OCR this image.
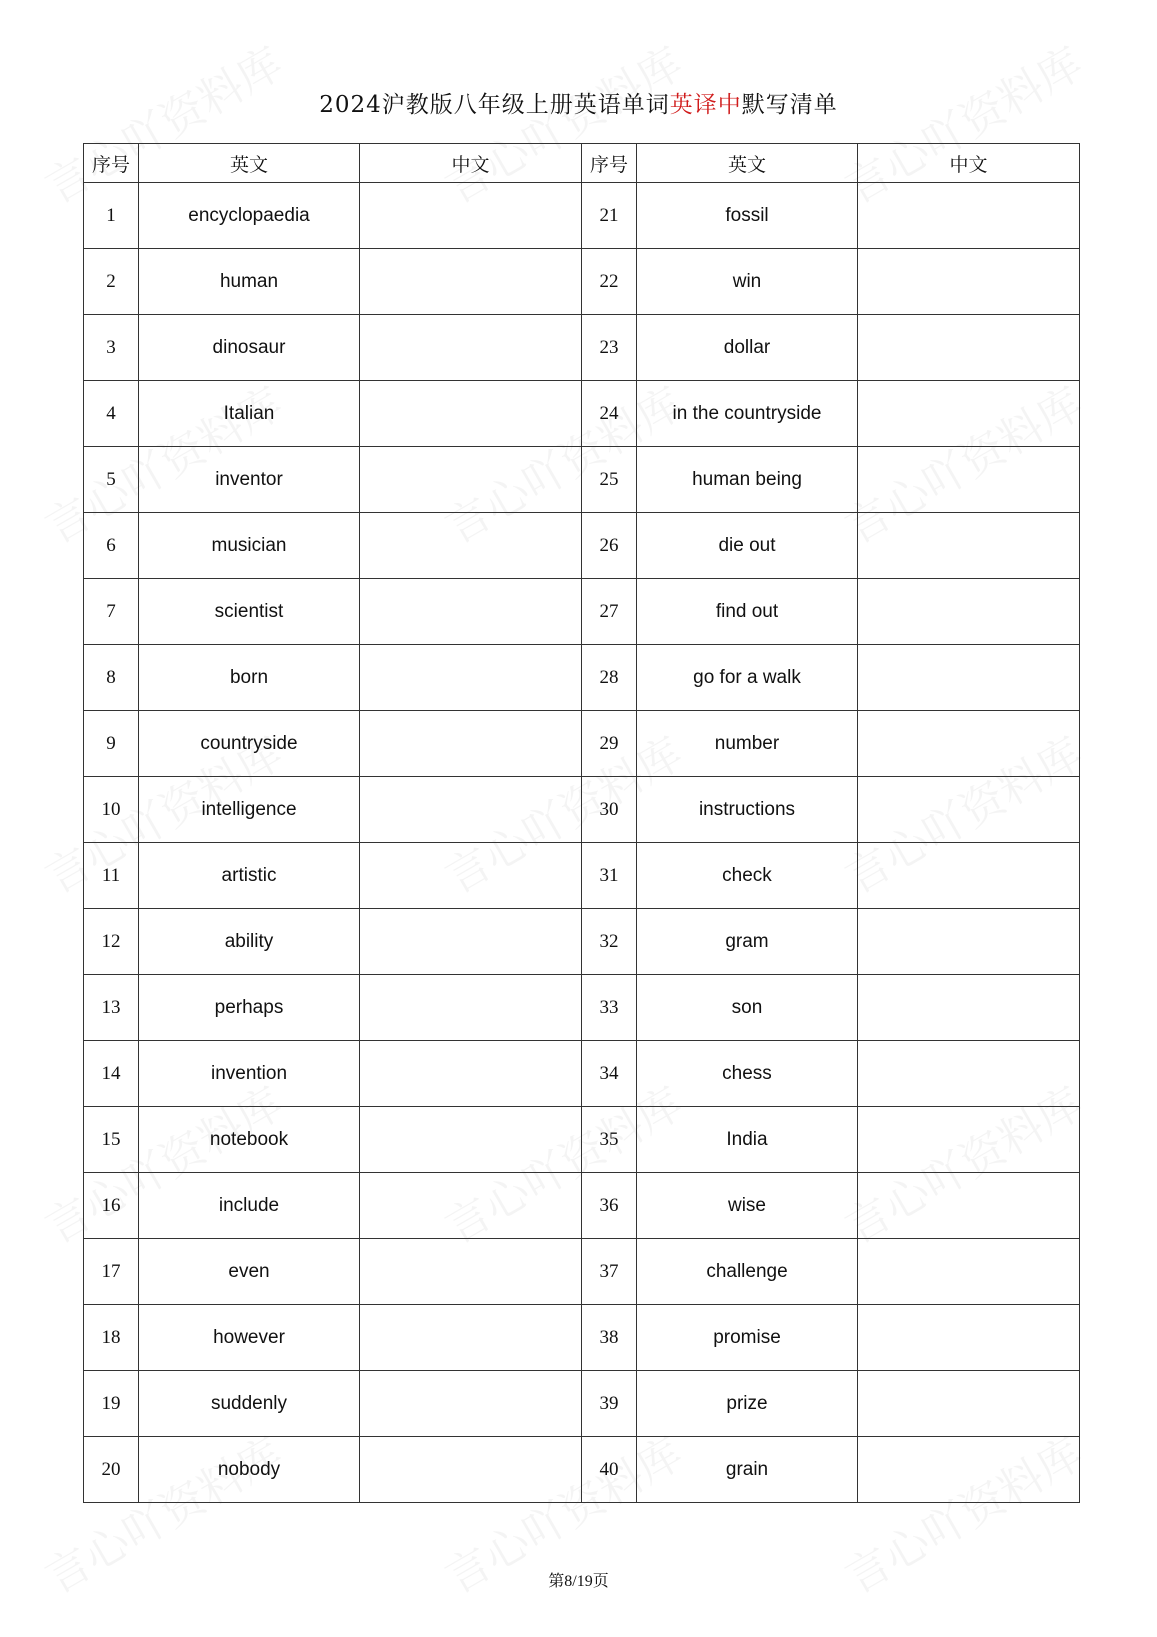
2024沪教版八年级上册英语单词英译中默写清单
序号	英文	中文	序号	英文	中文
1	encyclopaedia		21	fossil	
2	human		22	win	
3	dinosaur		23	dollar	
4	Italian		24	in the countryside	
5	inventor		25	human being	
6	musician		26	die out	
7	scientist		27	find out	
8	born		28	go for a walk	
9	countryside		29	number	
10	intelligence		30	instructions	
11	artistic		31	check	
12	ability		32	gram	
13	perhaps		33	son	
14	invention		34	chess	
15	notebook		35	India	
16	include		36	wise	
17	even		37	challenge	
18	however		38	promise	
19	suddenly		39	prize	
20	nobody		40	grain	
第8/19页
